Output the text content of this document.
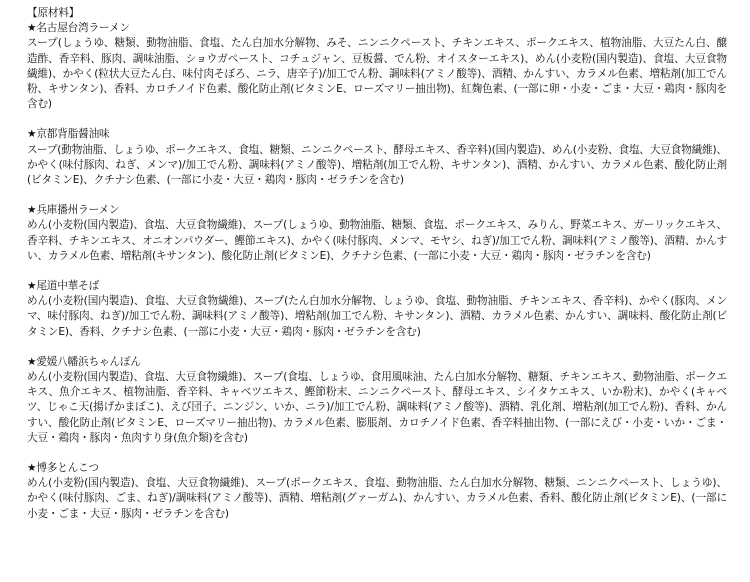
【原材料】

★名古屋台湾ラーメン

スープ(しょうゆ、糖類、動物油脂、食塩、たん白加水分解物、みそ、ニンニクペースト、チキンエキス、ポークエキス、植物油脂、大豆たん白、醸造酢、香辛料、豚肉、調味油脂、ショウガペースト、コチュジャン、豆板醤、でん粉、オイスターエキス)、めん(小麦粉(国内製造)、食塩、大豆食物繊維)、かやく(粒状大豆たん白、味付肉そぼろ、ニラ、唐辛子)/加工でん粉、調味料(アミノ酸等)、酒精、かんすい、カラメル色素、増粘剤(加工でん粉、キサンタン)、香料、カロチノイド色素、酸化防止剤(ビタミンE、ローズマリー抽出物)、紅麹色素、(一部に卵・小麦・ごま・大豆・鶏肉・豚肉を含む)

★京都背脂醤油味

スープ(動物油脂、しょうゆ、ポークエキス、食塩、糖類、ニンニクペースト、酵母エキス、香辛料)(国内製造)、めん(小麦粉、食塩、大豆食物繊維)、かやく(味付豚肉、ねぎ、メンマ)/加工でん粉、調味料(アミノ酸等)、増粘剤(加工でん粉、キサンタン)、酒精、かんすい、カラメル色素、酸化防止剤(ビタミンE)、クチナシ色素、(一部に小麦・大豆・鶏肉・豚肉・ゼラチンを含む)

★兵庫播州ラーメン

めん(小麦粉(国内製造)、食塩、大豆食物繊維)、スープ(しょうゆ、動物油脂、糖類、食塩、ポークエキス、みりん、野菜エキス、ガーリックエキス、香辛料、チキンエキス、オニオンパウダー、鰹節エキス)、かやく(味付豚肉、メンマ、モヤシ、ねぎ)/加工でん粉、調味料(アミノ酸等)、酒精、かんすい、カラメル色素、増粘剤(キサンタン)、酸化防止剤(ビタミンE)、クチナシ色素、(一部に小麦・大豆・鶏肉・豚肉・ゼラチンを含む)

★尾道中華そば

めん(小麦粉(国内製造)、食塩、大豆食物繊維)、スープ(たん白加水分解物、しょうゆ、食塩、動物油脂、チキンエキス、香辛料)、かやく(豚肉、メンマ、味付豚肉、ねぎ)/加工でん粉、調味料(アミノ酸等)、増粘剤(加工でん粉、キサンタン)、酒精、カラメル色素、かんすい、調味料、酸化防止剤(ビタミンE)、香料、クチナシ色素、(一部に小麦・大豆・鶏肉・豚肉・ゼラチンを含む)

★愛媛八幡浜ちゃんぽん

めん(小麦粉(国内製造)、食塩、大豆食物繊維)、スープ(食塩、しょうゆ、食用風味油、たん白加水分解物、糖類、チキンエキス、動物油脂、ポークエキス、魚介エキス、植物油脂、香辛料、キャベツエキス、鰹節粉末、ニンニクペースト、酵母エキス、シイタケエキス、いか粉末)、かやく(キャベツ、じゃこ天(揚げかまぼこ)、えび団子、ニンジン、いか、ニラ)/加工でん粉、調味料(アミノ酸等)、酒精、乳化剤、増粘剤(加工でん粉)、香料、かんすい、酸化防止剤(ビタミンE、ローズマリー抽出物)、カラメル色素、膨脹剤、カロチノイド色素、香辛料抽出物、(一部にえび・小麦・いか・ごま・大豆・鶏肉・豚肉・魚肉すり身(魚介類)を含む)

★博多とんこつ

めん(小麦粉(国内製造)、食塩、大豆食物繊維)、スープ(ポークエキス、食塩、動物油脂、たん白加水分解物、糖類、ニンニクペースト、しょうゆ)、かやく(味付豚肉、ごま、ねぎ)/調味料(アミノ酸等)、酒精、増粘剤(グァーガム)、かんすい、カラメル色素、香料、酸化防止剤(ビタミンE)、(一部に小麦・ごま・大豆・豚肉・ゼラチンを含む)
